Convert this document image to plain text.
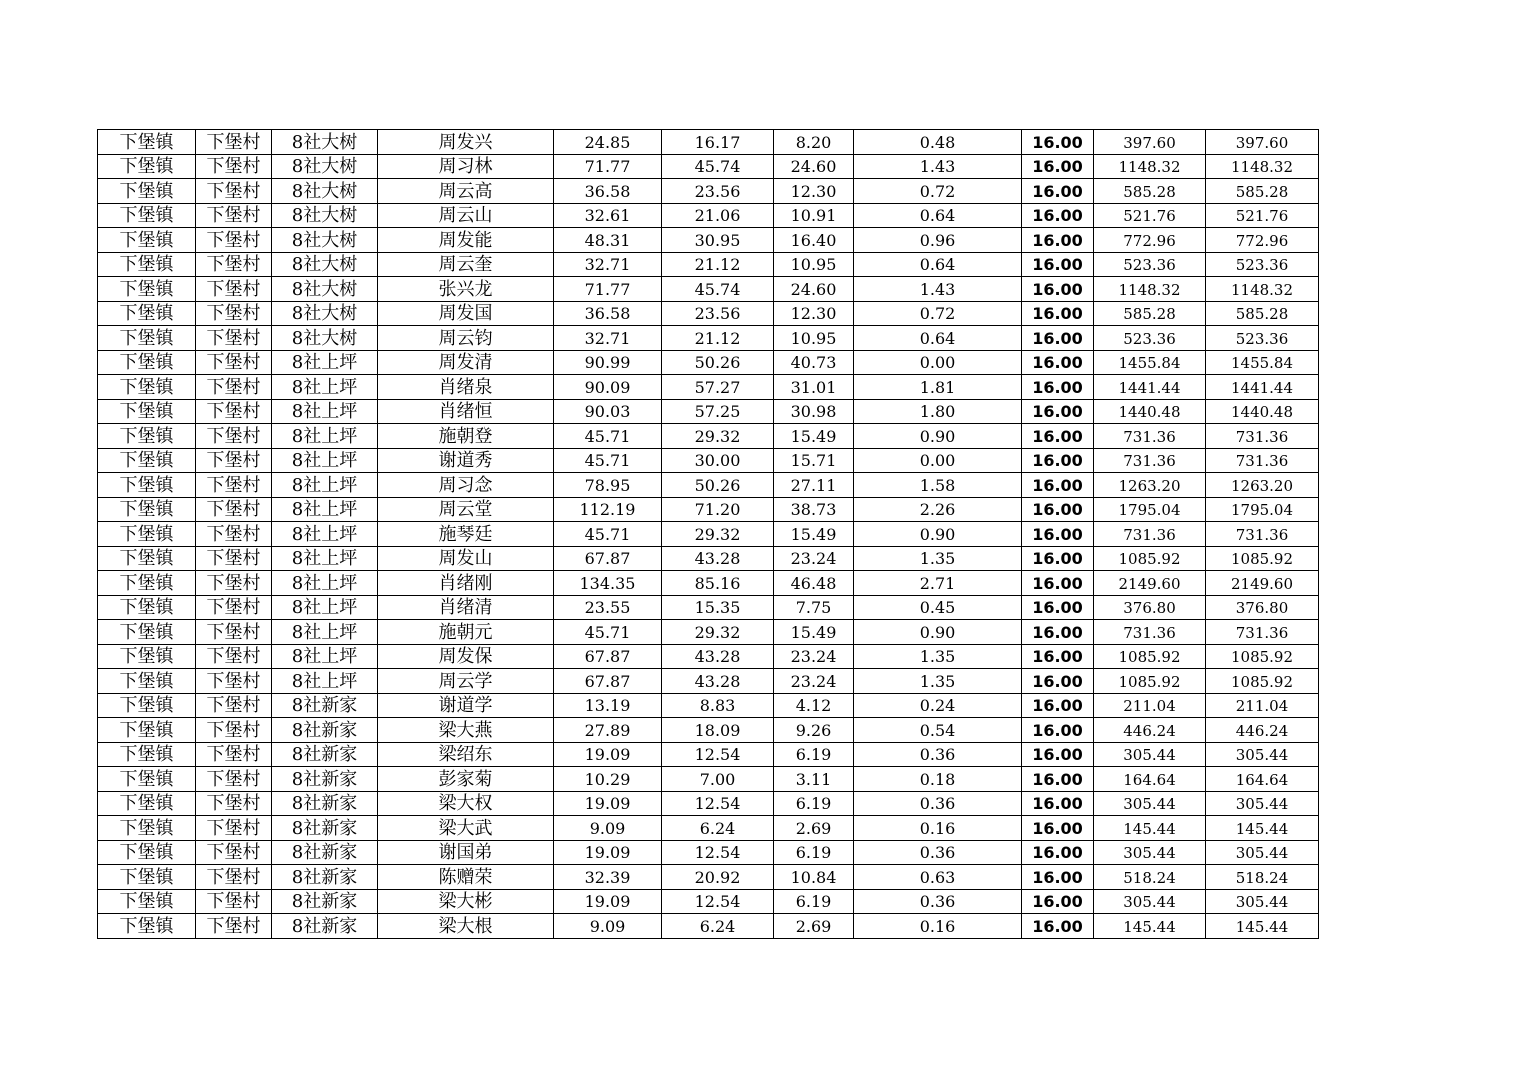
下堡镇	下堡村	8社大树	周发兴	24.85	16.17	8.20	0.48	16.00	397.60	397.60
下堡镇	下堡村	8社大树	周习林	71.77	45.74	24.60	1.43	16.00	1148.32	1148.32
下堡镇	下堡村	8社大树	周云高	36.58	23.56	12.30	0.72	16.00	585.28	585.28
下堡镇	下堡村	8社大树	周云山	32.61	21.06	10.91	0.64	16.00	521.76	521.76
下堡镇	下堡村	8社大树	周发能	48.31	30.95	16.40	0.96	16.00	772.96	772.96
下堡镇	下堡村	8社大树	周云奎	32.71	21.12	10.95	0.64	16.00	523.36	523.36
下堡镇	下堡村	8社大树	张兴龙	71.77	45.74	24.60	1.43	16.00	1148.32	1148.32
下堡镇	下堡村	8社大树	周发国	36.58	23.56	12.30	0.72	16.00	585.28	585.28
下堡镇	下堡村	8社大树	周云钧	32.71	21.12	10.95	0.64	16.00	523.36	523.36
下堡镇	下堡村	8社上坪	周发清	90.99	50.26	40.73	0.00	16.00	1455.84	1455.84
下堡镇	下堡村	8社上坪	肖绪泉	90.09	57.27	31.01	1.81	16.00	1441.44	1441.44
下堡镇	下堡村	8社上坪	肖绪恒	90.03	57.25	30.98	1.80	16.00	1440.48	1440.48
下堡镇	下堡村	8社上坪	施朝登	45.71	29.32	15.49	0.90	16.00	731.36	731.36
下堡镇	下堡村	8社上坪	谢道秀	45.71	30.00	15.71	0.00	16.00	731.36	731.36
下堡镇	下堡村	8社上坪	周习念	78.95	50.26	27.11	1.58	16.00	1263.20	1263.20
下堡镇	下堡村	8社上坪	周云堂	112.19	71.20	38.73	2.26	16.00	1795.04	1795.04
下堡镇	下堡村	8社上坪	施琴廷	45.71	29.32	15.49	0.90	16.00	731.36	731.36
下堡镇	下堡村	8社上坪	周发山	67.87	43.28	23.24	1.35	16.00	1085.92	1085.92
下堡镇	下堡村	8社上坪	肖绪刚	134.35	85.16	46.48	2.71	16.00	2149.60	2149.60
下堡镇	下堡村	8社上坪	肖绪清	23.55	15.35	7.75	0.45	16.00	376.80	376.80
下堡镇	下堡村	8社上坪	施朝元	45.71	29.32	15.49	0.90	16.00	731.36	731.36
下堡镇	下堡村	8社上坪	周发保	67.87	43.28	23.24	1.35	16.00	1085.92	1085.92
下堡镇	下堡村	8社上坪	周云学	67.87	43.28	23.24	1.35	16.00	1085.92	1085.92
下堡镇	下堡村	8社新家	谢道学	13.19	8.83	4.12	0.24	16.00	211.04	211.04
下堡镇	下堡村	8社新家	梁大燕	27.89	18.09	9.26	0.54	16.00	446.24	446.24
下堡镇	下堡村	8社新家	梁绍东	19.09	12.54	6.19	0.36	16.00	305.44	305.44
下堡镇	下堡村	8社新家	彭家菊	10.29	7.00	3.11	0.18	16.00	164.64	164.64
下堡镇	下堡村	8社新家	梁大权	19.09	12.54	6.19	0.36	16.00	305.44	305.44
下堡镇	下堡村	8社新家	梁大武	9.09	6.24	2.69	0.16	16.00	145.44	145.44
下堡镇	下堡村	8社新家	谢国弟	19.09	12.54	6.19	0.36	16.00	305.44	305.44
下堡镇	下堡村	8社新家	陈赠荣	32.39	20.92	10.84	0.63	16.00	518.24	518.24
下堡镇	下堡村	8社新家	梁大彬	19.09	12.54	6.19	0.36	16.00	305.44	305.44
下堡镇	下堡村	8社新家	梁大根	9.09	6.24	2.69	0.16	16.00	145.44	145.44
